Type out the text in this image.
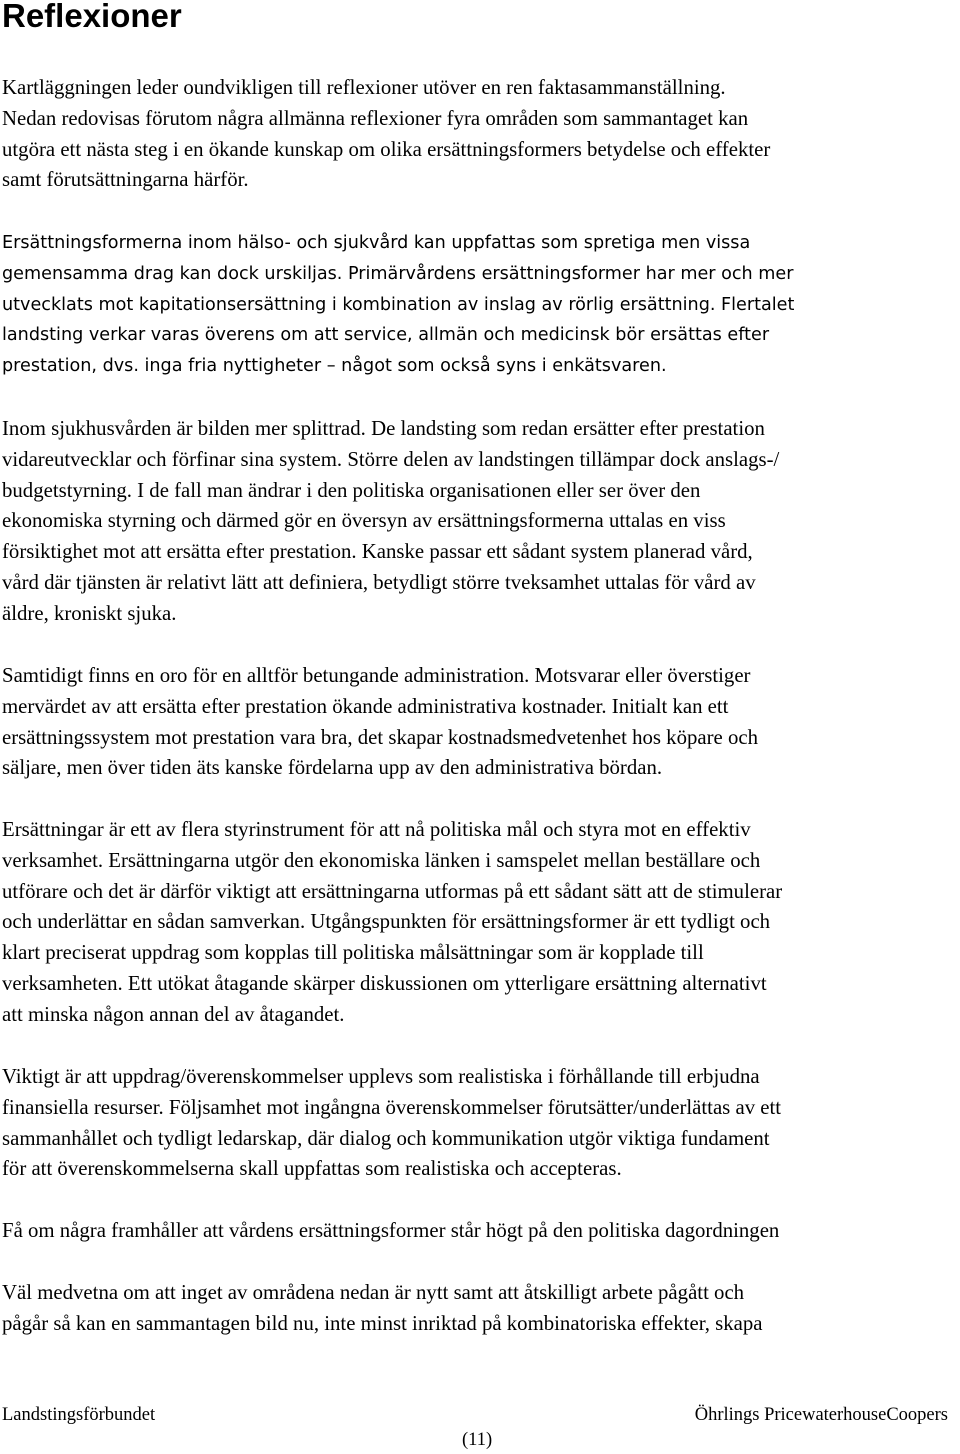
Reflexioner
Kartläggningen leder oundvikligen till reflexioner utöver en ren faktasammanställning.
Nedan redovisas förutom några allmänna reflexioner fyra områden som sammantaget kan
utgöra ett nästa steg i en ökande kunskap om olika ersättningsformers betydelse och effekter
samt förutsättningarna härför.
Ersättningsformerna inom hälso- och sjukvård kan uppfattas som spretiga men vissa
gemensamma drag kan dock urskiljas. Primärvårdens ersättningsformer har mer och mer
utvecklats mot kapitationsersättning i kombination av inslag av rörlig ersättning. Flertalet
landsting verkar varas överens om att service, allmän och medicinsk bör ersättas efter
prestation, dvs. inga fria nyttigheter – något som också syns i enkätsvaren.
Inom sjukhusvården är bilden mer splittrad. De landsting som redan ersätter efter prestation
vidareutvecklar och förfinar sina system. Större delen av landstingen tillämpar dock anslags-/
budgetstyrning. I de fall man ändrar i den politiska organisationen eller ser över den
ekonomiska styrning och därmed gör en översyn av ersättningsformerna uttalas en viss
försiktighet mot att ersätta efter prestation. Kanske passar ett sådant system planerad vård,
vård där tjänsten är relativt lätt att definiera, betydligt större tveksamhet uttalas för vård av
äldre, kroniskt sjuka.
Samtidigt finns en oro för en alltför betungande administration. Motsvarar eller överstiger
mervärdet av att ersätta efter prestation ökande administrativa kostnader. Initialt kan ett
ersättningssystem mot prestation vara bra, det skapar kostnadsmedvetenhet hos köpare och
säljare, men över tiden äts kanske fördelarna upp av den administrativa bördan.
Ersättningar är ett av flera styrinstrument för att nå politiska mål och styra mot en effektiv
verksamhet. Ersättningarna utgör den ekonomiska länken i samspelet mellan beställare och
utförare och det är därför viktigt att ersättningarna utformas på ett sådant sätt att de stimulerar
och underlättar en sådan samverkan. Utgångspunkten för ersättningsformer är ett tydligt och
klart preciserat uppdrag som kopplas till politiska målsättningar som är kopplade till
verksamheten. Ett utökat åtagande skärper diskussionen om ytterligare ersättning alternativt
att minska någon annan del av åtagandet.
Viktigt är att uppdrag/överenskommelser upplevs som realistiska i förhållande till erbjudna
finansiella resurser. Följsamhet mot ingångna överenskommelser förutsätter/underlättas av ett
sammanhållet och tydligt ledarskap, där dialog och kommunikation utgör viktiga fundament
för att överenskommelserna skall uppfattas som realistiska och accepteras.
Få om några framhåller att vårdens ersättningsformer står högt på den politiska dagordningen
Väl medvetna om att inget av områdena nedan är nytt samt att åtskilligt arbete pågått och
pågår så kan en sammantagen bild nu, inte minst inriktad på kombinatoriska effekter, skapa

Landstingsförbundet	Öhrlings PricewaterhouseCoopers

(11)
